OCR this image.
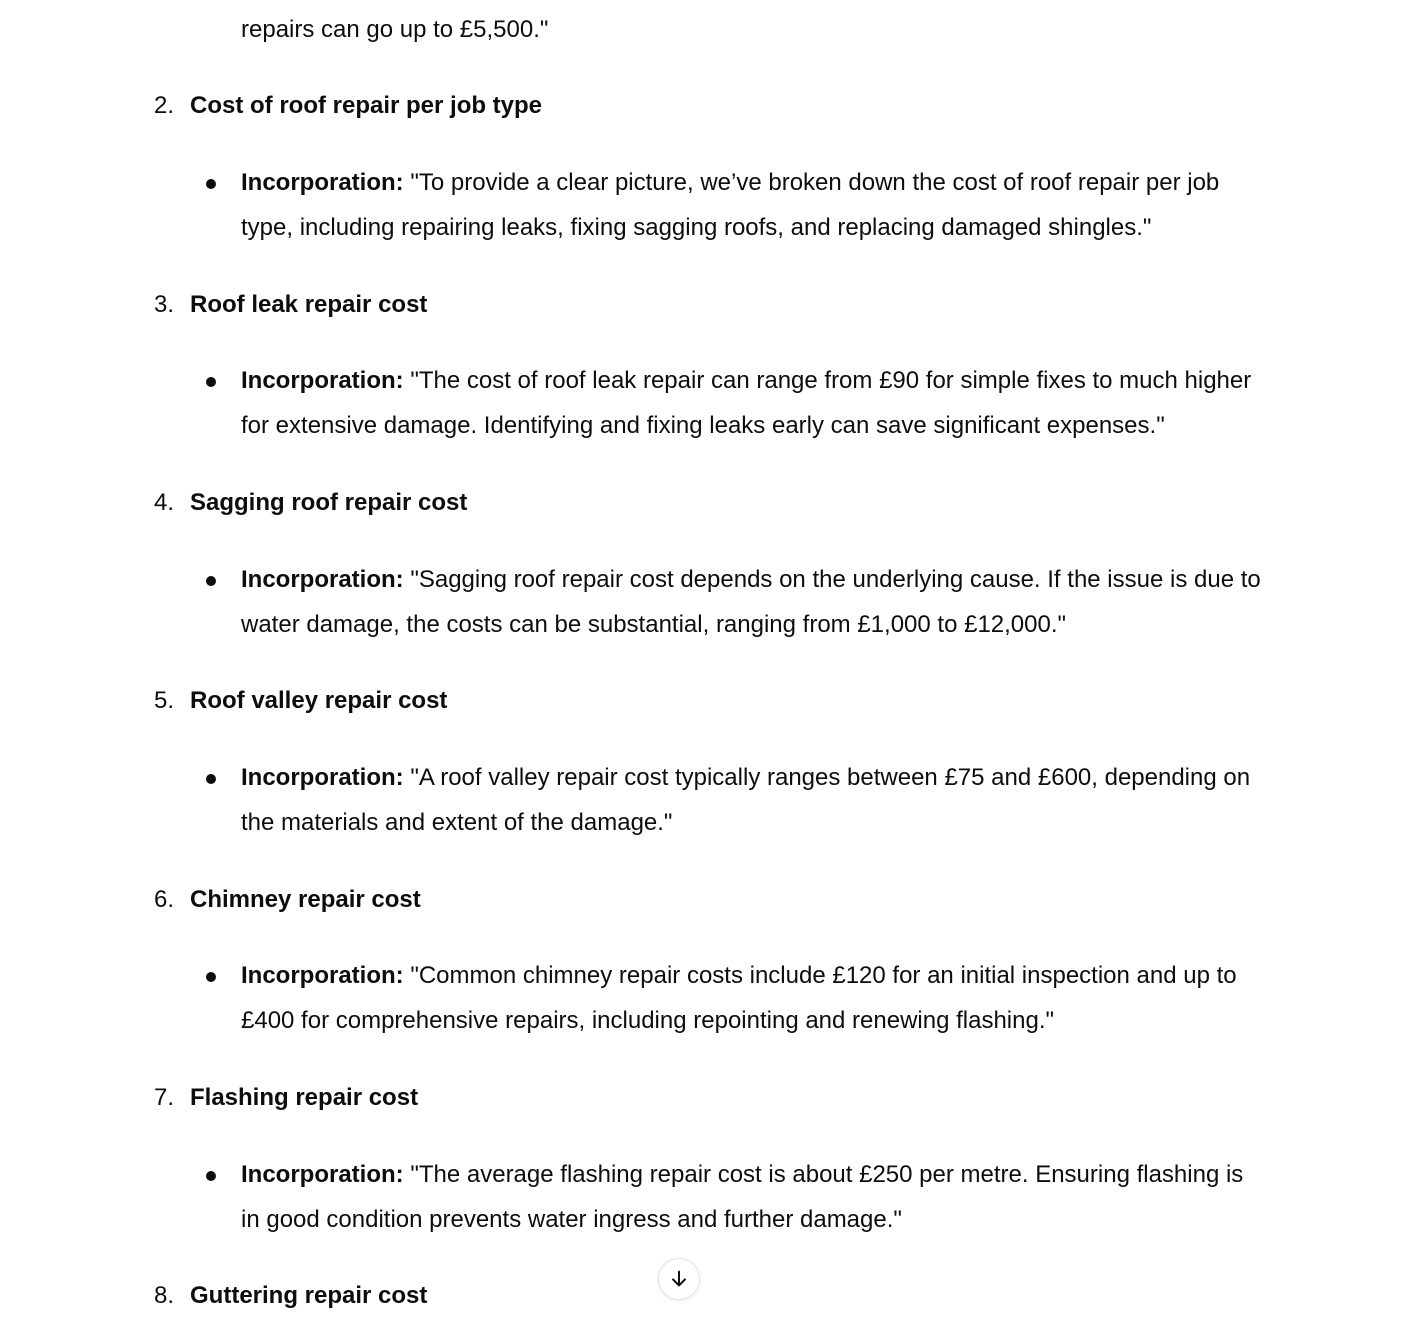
repairs can go up to £5,500."
2. Cost of roof repair per job type
Incorporation: "To provide a clear picture, we’ve broken down the cost of roof repair per job
type, including repairing leaks, fixing sagging roofs, and replacing damaged shingles."
3. Roof leak repair cost
Incorporation: "The cost of roof leak repair can range from £90 for simple fixes to much higher
for extensive damage. Identifying and fixing leaks early can save significant expenses."
4. Sagging roof repair cost
Incorporation: "Sagging roof repair cost depends on the underlying cause. If the issue is due to
water damage, the costs can be substantial, ranging from £1,000 to £12,000."
5. Roof valley repair cost
Incorporation: "A roof valley repair cost typically ranges between £75 and £600, depending on
the materials and extent of the damage."
6. Chimney repair cost
Incorporation: "Common chimney repair costs include £120 for an initial inspection and up to
£400 for comprehensive repairs, including repointing and renewing flashing."
7. Flashing repair cost
Incorporation: "The average flashing repair cost is about £250 per metre. Ensuring flashing is
in good condition prevents water ingress and further damage."
8. Guttering repair cost
